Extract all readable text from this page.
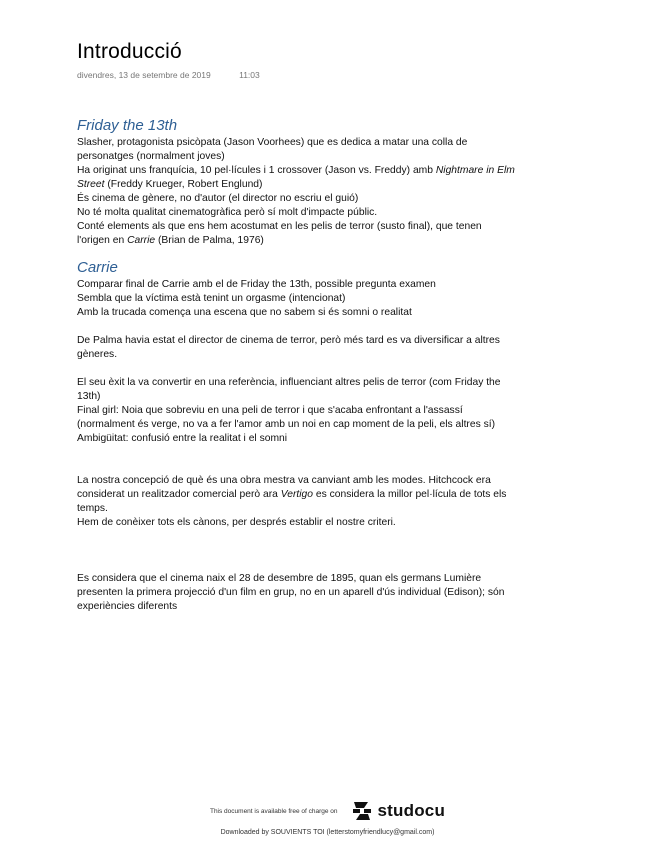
Introducció
divendres, 13 de setembre de 2019	11:03

Friday the 13th

Slasher, protagonista psicòpata (Jason Voorhees) que es dedica a matar una colla de

personatges (normalment joves)

Ha originat uns franquícia, 10 pel·lícules i 1 crossover (Jason vs. Freddy) amb Nightmare in Elm

Street (Freddy Krueger, Robert Englund)

És cinema de gènere, no d'autor (el director no escriu el guió)

No té molta qualitat cinematogràfica però sí molt d'impacte públic.

Conté elements als que ens hem acostumat en les pelis de terror (susto final), que tenen

l'origen en Carrie (Brian de Palma, 1976)

Carrie

Comparar final de Carrie amb el de Friday the 13th, possible pregunta examen

Sembla que la víctima està tenint un orgasme (intencionat)

Amb la trucada comença una escena que no sabem si és somni o realitat

De Palma havia estat el director de cinema de terror, però més tard es va diversificar a altres

gèneres.

El seu èxit la va convertir en una referència, influenciant altres pelis de terror (com Friday the

13th)

Final girl: Noia que sobreviu en una peli de terror i que s'acaba enfrontant a l'assassí

(normalment és verge, no va a fer l'amor amb un noi en cap moment de la peli, els altres sí)

Ambigüitat: confusió entre la realitat i el somni

La nostra concepció de què és una obra mestra va canviant amb les modes. Hitchcock era

considerat un realitzador comercial però ara Vertigo es considera la millor pel·lícula de tots els

temps.

Hem de conèixer tots els cànons, per després establir el nostre criteri.

Es considera que el cinema naix el 28 de desembre de 1895, quan els germans Lumière

presenten la primera projecció d'un film en grup, no en un aparell d'ús individual (Edison); són

experiències diferents

This document is available free of charge on studocu
Downloaded by SOUVIENTS TOI (letterstomyfriendlucy@gmail.com)
